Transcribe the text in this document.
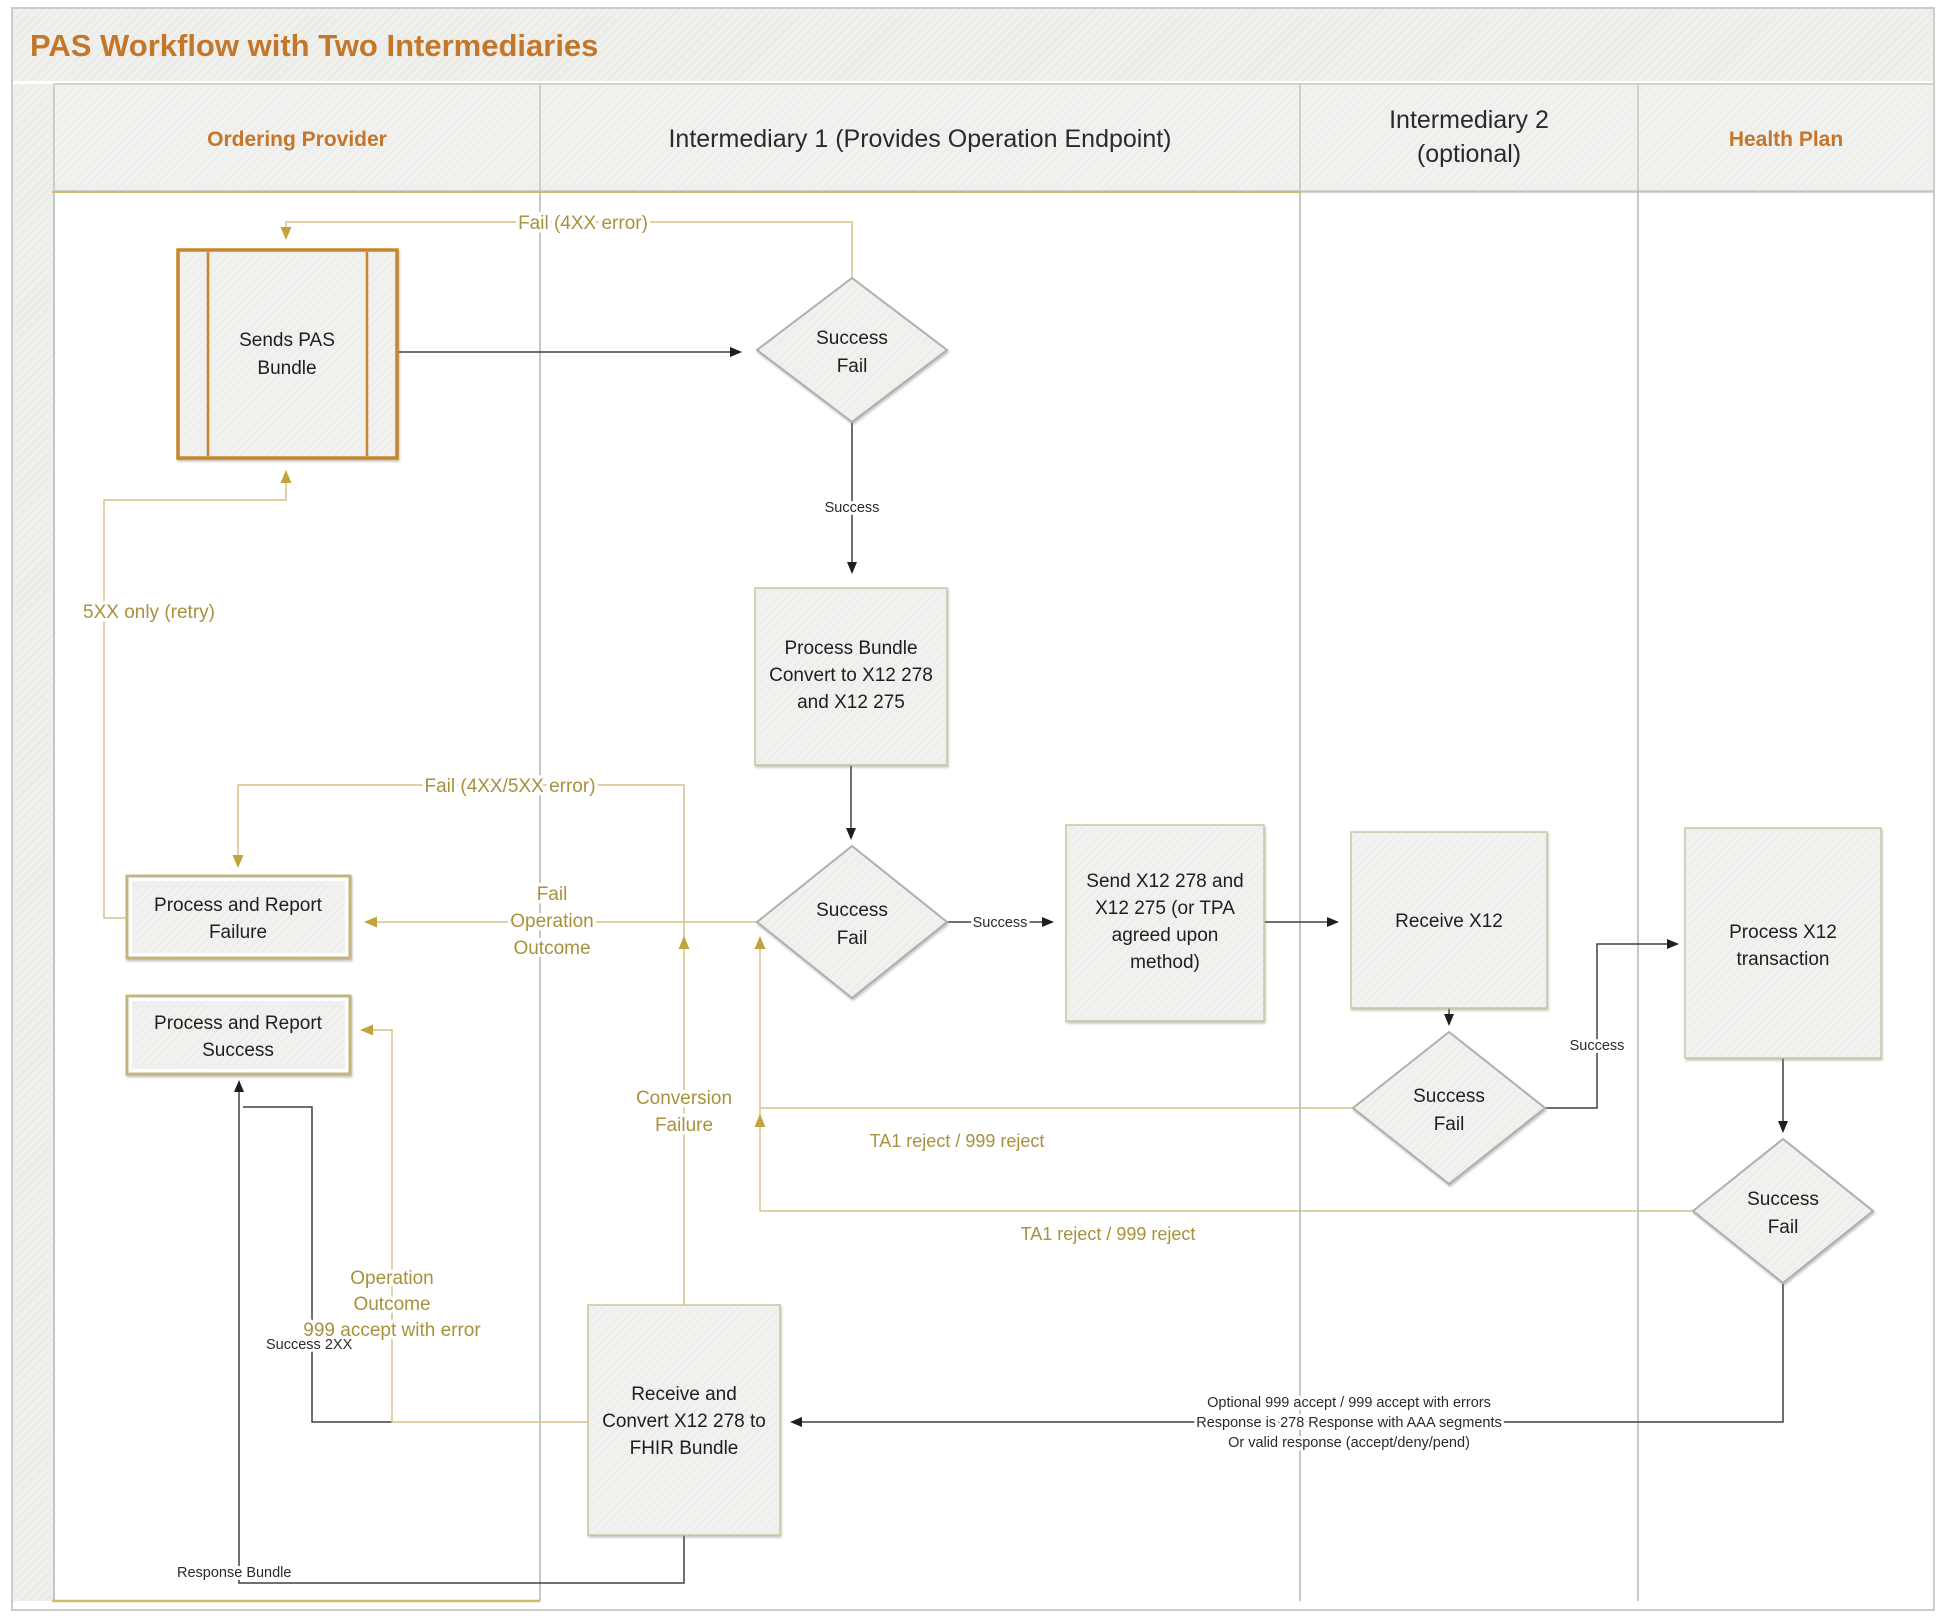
PAS Workflow with Two Intermediaries
Ordering Provider	Intermediary 1 (Provides Operation Endpoint)
Intermediary 2
(optional)
Health Plan
Sends PAS
Bundle
Success
Fail
Process Bundle
Convert to X12 278
and X12 275
Success
Fail
Send X12 278 and
X12 275 (or TPA
agreed upon
method)
Receive X12
Success
Fail
Process X12
transaction
Success
Fail
Process and Report
Failure
Process and Report
Success
Receive and
Convert X12 278 to
FHIR Bundle
Fail (4XX error)
Success
5XX only (retry)
Fail (4XX/5XX error)
Fail
Operation
Outcome
Success
Conversion
Failure
TA1 reject / 999 reject
TA1 reject / 999 reject
Success
Operation
Outcome
999 accept with error
Success 2XX
Response Bundle
Optional 999 accept / 999 accept with errors
Response is 278 Response with AAA segments
Or valid response (accept/deny/pend)
